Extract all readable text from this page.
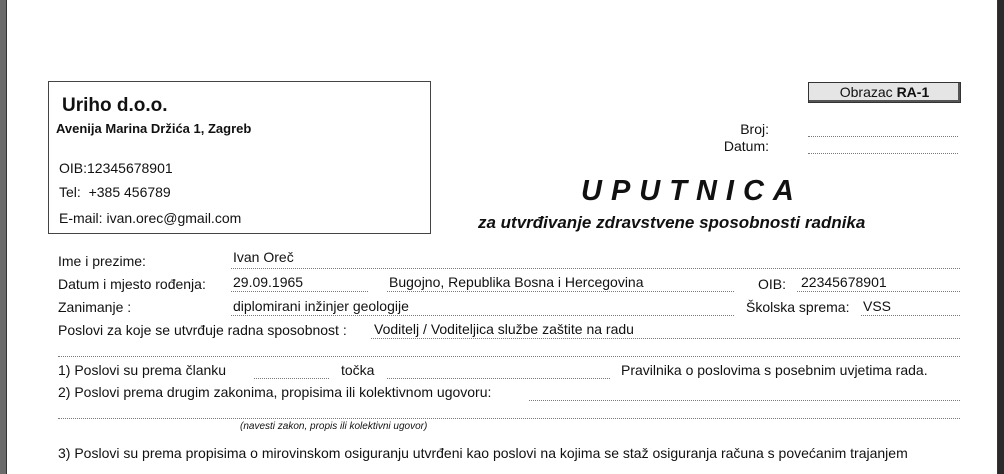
Uriho d.o.o.
Avenija Marina Držića 1, Zagreb
OIB:12345678901
Tel: +385 456789
E-mail: ivan.orec@gmail.com
Obrazac RA-1
Broj:
Datum:
UPUTNICA
za utvrđivanje zdravstvene sposobnosti radnika
Ime i prezime:	Ivan Oreč
Datum i mjesto rođenja: 29.09.1965	Bugojno, Republika Bosna i Hercegovina	OIB: 22345678901
Zanimanje :	diplomirani inžinjer geologije	Školska sprema: VSS
Poslovi za koje se utvrđuje radna sposobnost : Voditelj / Voditeljica službe zaštite na radu
1) Poslovi su prema članku	točka	Pravilnika o poslovima s posebnim uvjetima rada.
2) Poslovi prema drugim zakonima, propisima ili kolektivnom ugovoru:
(navesti zakon, propis ili kolektivni ugovor)
3) Poslovi su prema propisima o mirovinskom osiguranju utvrđeni kao poslovi na kojima se staž osiguranja računa s povećanim trajanjem
